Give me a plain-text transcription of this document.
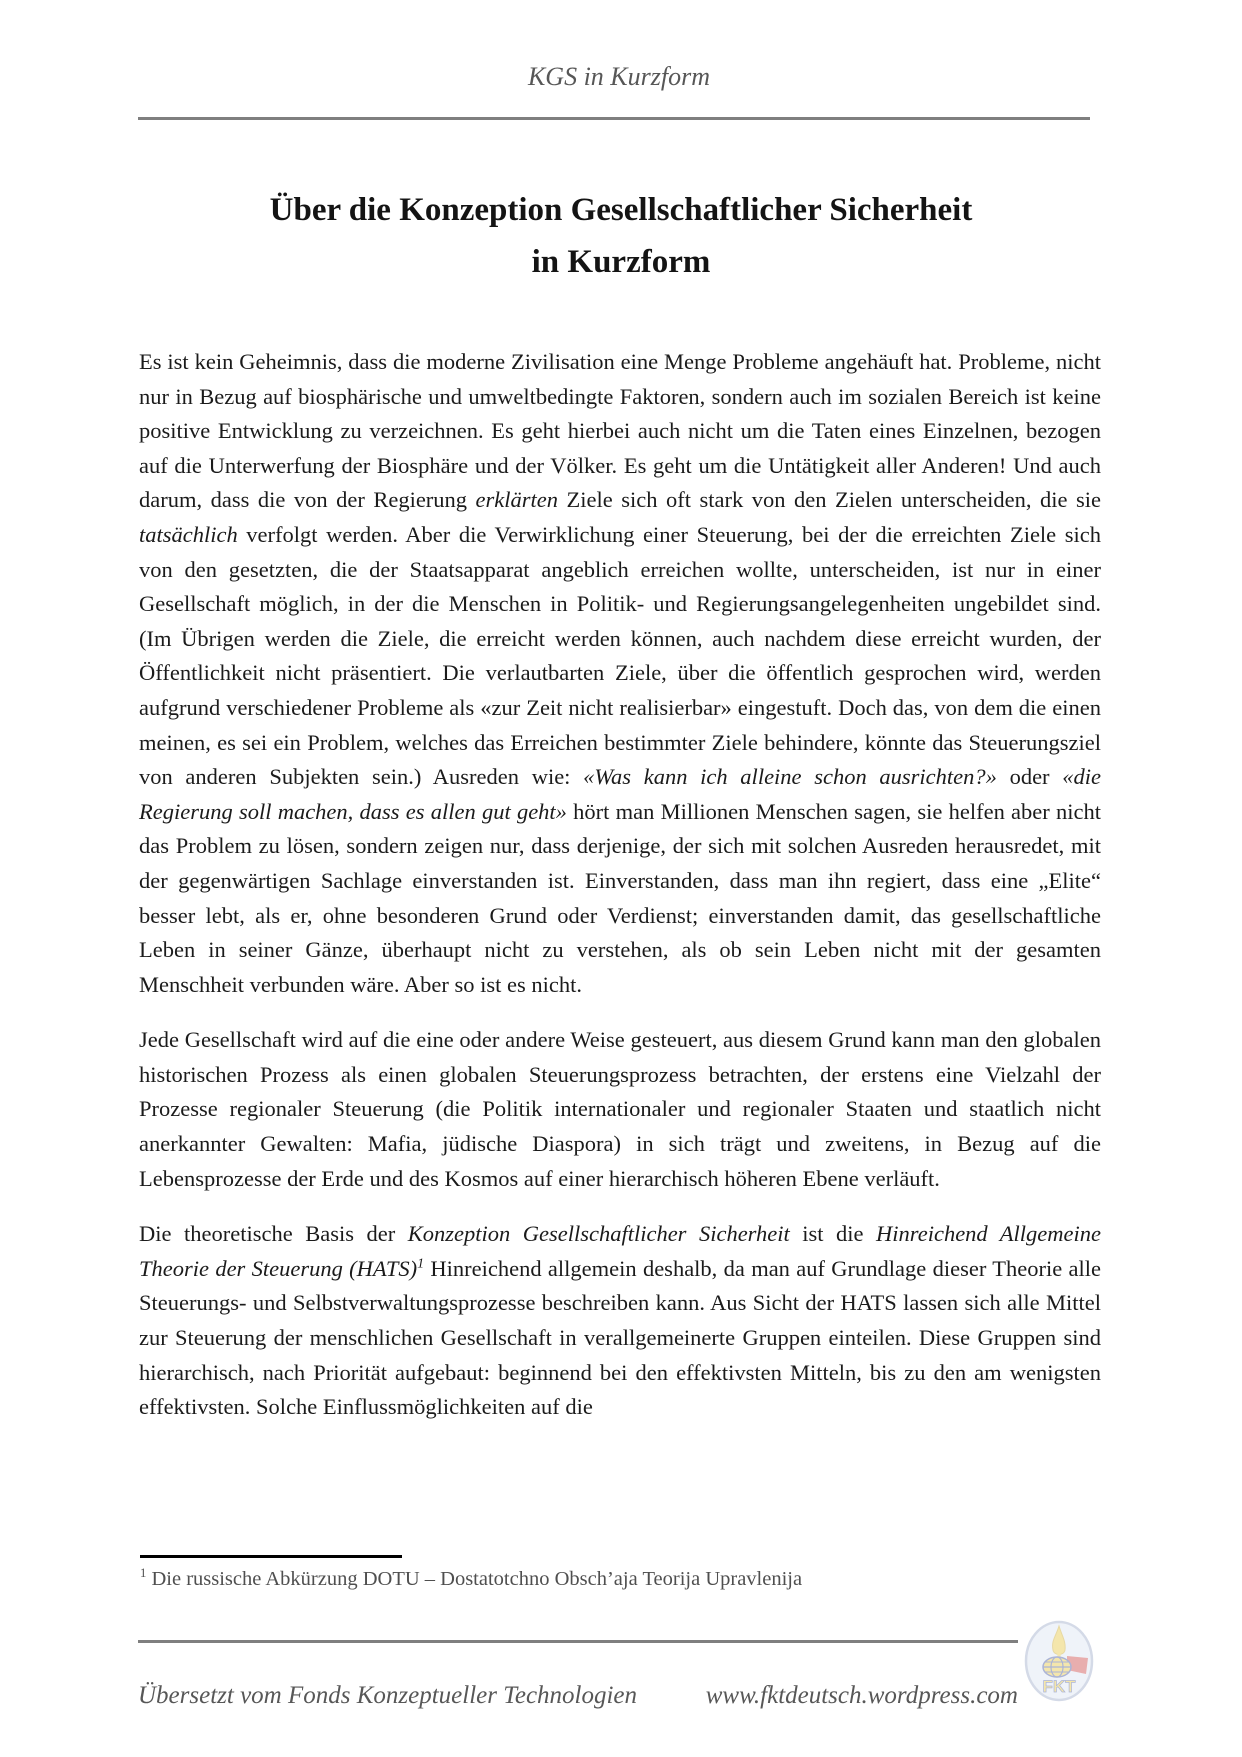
KGS in Kurzform
Über die Konzeption Gesellschaftlicher Sicherheit
in Kurzform

Es ist kein Geheimnis, dass die moderne Zivilisation eine Menge Probleme angehäuft hat. Probleme, nicht nur in Bezug auf biosphärische und umweltbedingte Faktoren, sondern auch im sozialen Bereich ist keine positive Entwicklung zu verzeichnen. Es geht hierbei auch nicht um die Taten eines Einzelnen, bezogen auf die Unterwerfung der Biosphäre und der Völker. Es geht um die Untätigkeit aller Anderen! Und auch darum, dass die von der Regierung erklärten Ziele sich oft stark von den Zielen unterscheiden, die sie tatsächlich verfolgt werden. Aber die Verwirklichung einer Steuerung, bei der die erreichten Ziele sich von den gesetzten, die der Staatsapparat angeblich erreichen wollte, unterscheiden, ist nur in einer Gesellschaft möglich, in der die Menschen in Politik- und Regierungsangelegenheiten ungebildet sind. (Im Übrigen werden die Ziele, die erreicht werden können, auch nachdem diese erreicht wurden, der Öffentlichkeit nicht präsentiert. Die verlautbarten Ziele, über die öffentlich gesprochen wird, werden aufgrund verschiedener Probleme als «zur Zeit nicht realisierbar» eingestuft. Doch das, von dem die einen meinen, es sei ein Problem, welches das Erreichen bestimmter Ziele behindere, könnte das Steuerungsziel von anderen Subjekten sein.) Ausreden wie: «Was kann ich alleine schon ausrichten?» oder «die Regierung soll machen, dass es allen gut geht» hört man Millionen Menschen sagen, sie helfen aber nicht das Problem zu lösen, sondern zeigen nur, dass derjenige, der sich mit solchen Ausreden herausredet, mit der gegenwärtigen Sachlage einverstanden ist. Einverstanden, dass man ihn regiert, dass eine „Elite“ besser lebt, als er, ohne besonderen Grund oder Verdienst; einverstanden damit, das gesellschaftliche Leben in seiner Gänze, überhaupt nicht zu verstehen, als ob sein Leben nicht mit der gesamten Menschheit verbunden wäre. Aber so ist es nicht.

Jede Gesellschaft wird auf die eine oder andere Weise gesteuert, aus diesem Grund kann man den globalen historischen Prozess als einen globalen Steuerungsprozess betrachten, der erstens eine Vielzahl der Prozesse regionaler Steuerung (die Politik internationaler und regionaler Staaten und staatlich nicht anerkannter Gewalten: Mafia, jüdische Diaspora) in sich trägt und zweitens, in Bezug auf die Lebensprozesse der Erde und des Kosmos auf einer hierarchisch höheren Ebene verläuft.

Die theoretische Basis der Konzeption Gesellschaftlicher Sicherheit ist die Hinreichend Allgemeine Theorie der Steuerung (HATS)$^1$ Hinreichend allgemein deshalb, da man auf Grundlage dieser Theorie alle Steuerungs- und Selbstverwaltungsprozesse beschreiben kann. Aus Sicht der HATS lassen sich alle Mittel zur Steuerung der menschlichen Gesellschaft in verallgemeinerte Gruppen einteilen. Diese Gruppen sind hierarchisch, nach Priorität aufgebaut: beginnend bei den effektivsten Mitteln, bis zu den am wenigsten effektivsten. Solche Einflussmöglichkeiten auf die

$^1$ Die russische Abkürzung DOTU – Dostatotchno Obsch’aja Teorija Upravlenija
Übersetzt vom Fonds Konzeptueller Technologien	www.fktdeutsch.wordpress.com FKT
